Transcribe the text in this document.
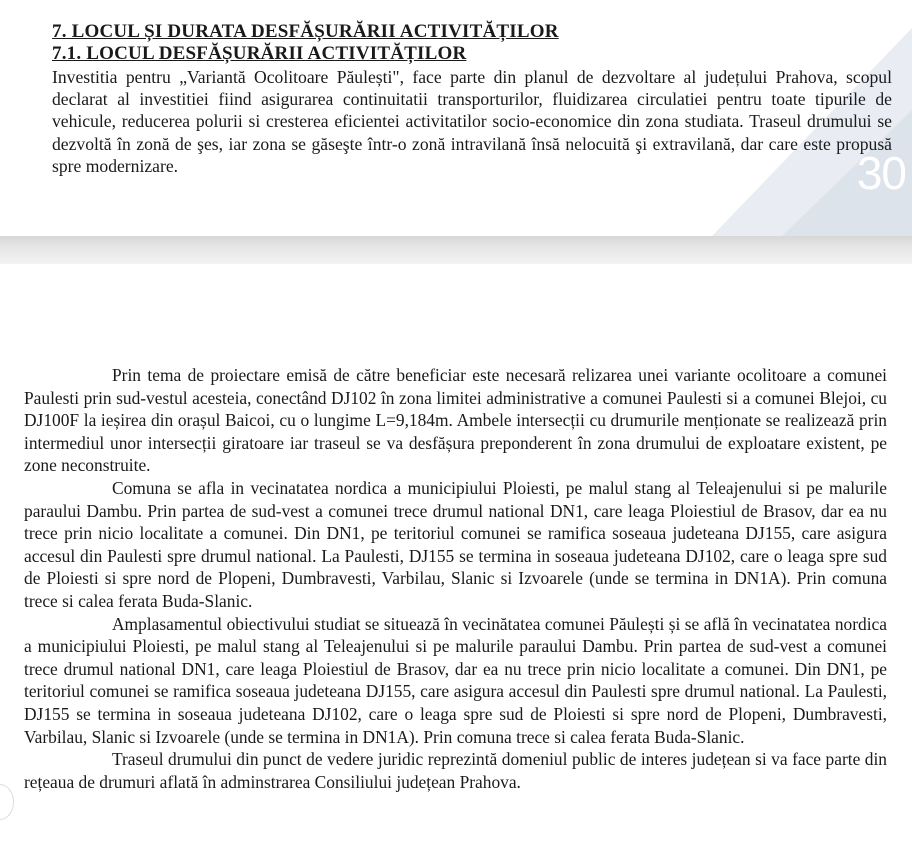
30
7. LOCUL ȘI DURATA DESFĂȘURĂRII ACTIVITĂȚILOR
7.1. LOCUL DESFĂȘURĂRII ACTIVITĂȚILOR

Investitia pentru „Variantă Ocolitoare Păulești", face parte din planul de dezvoltare al județului Prahova, scopul declarat al investitiei fiind asigurarea continuitatii transporturilor, fluidizarea circulatiei pentru toate tipurile de vehicule, reducerea polurii si cresterea eficientei activitatilor socio-economice din zona studiata. Traseul drumului se dezvoltă în zonă de şes, iar zona se găseşte într-o zonă intravilană însă nelocuită şi extravilană, dar care este propusă spre modernizare.

Prin tema de proiectare emisă de către beneficiar este necesară relizarea unei variante ocolitoare a comunei Paulesti prin sud-vestul acesteia, conectând DJ102 în zona limitei administrative a comunei Paulesti si a comunei Blejoi, cu DJ100F la ieșirea din orașul Baicoi, cu o lungime L=9,184m. Ambele intersecții cu drumurile menționate se realizează prin intermediul unor intersecții giratoare iar traseul se va desfășura preponderent în zona drumului de exploatare existent, pe zone neconstruite.

Comuna se afla in vecinatatea nordica a municipiului Ploiesti, pe malul stang al Teleajenului si pe malurile paraului Dambu. Prin partea de sud-vest a comunei trece drumul national DN1, care leaga Ploiestiul de Brasov, dar ea nu trece prin nicio localitate a comunei. Din DN1, pe teritoriul comunei se ramifica soseaua judeteana DJ155, care asigura accesul din Paulesti spre drumul national. La Paulesti, DJ155 se termina in soseaua judeteana DJ102, care o leaga spre sud de Ploiesti si spre nord de Plopeni, Dumbravesti, Varbilau, Slanic si Izvoarele (unde se termina in DN1A). Prin comuna trece si calea ferata Buda-Slanic.

Amplasamentul obiectivului studiat se situează în vecinătatea comunei Păulești și se află în vecinatatea nordica a municipiului Ploiesti, pe malul stang al Teleajenului si pe malurile paraului Dambu. Prin partea de sud-vest a comunei trece drumul national DN1, care leaga Ploiestiul de Brasov, dar ea nu trece prin nicio localitate a comunei. Din DN1, pe teritoriul comunei se ramifica soseaua judeteana DJ155, care asigura accesul din Paulesti spre drumul national. La Paulesti, DJ155 se termina in soseaua judeteana DJ102, care o leaga spre sud de Ploiesti si spre nord de Plopeni, Dumbravesti, Varbilau, Slanic si Izvoarele (unde se termina in DN1A). Prin comuna trece si calea ferata Buda-Slanic.

Traseul drumului din punct de vedere juridic reprezintă domeniul public de interes județean si va face parte din rețeaua de drumuri aflată în adminstrarea Consiliului județean Prahova.
